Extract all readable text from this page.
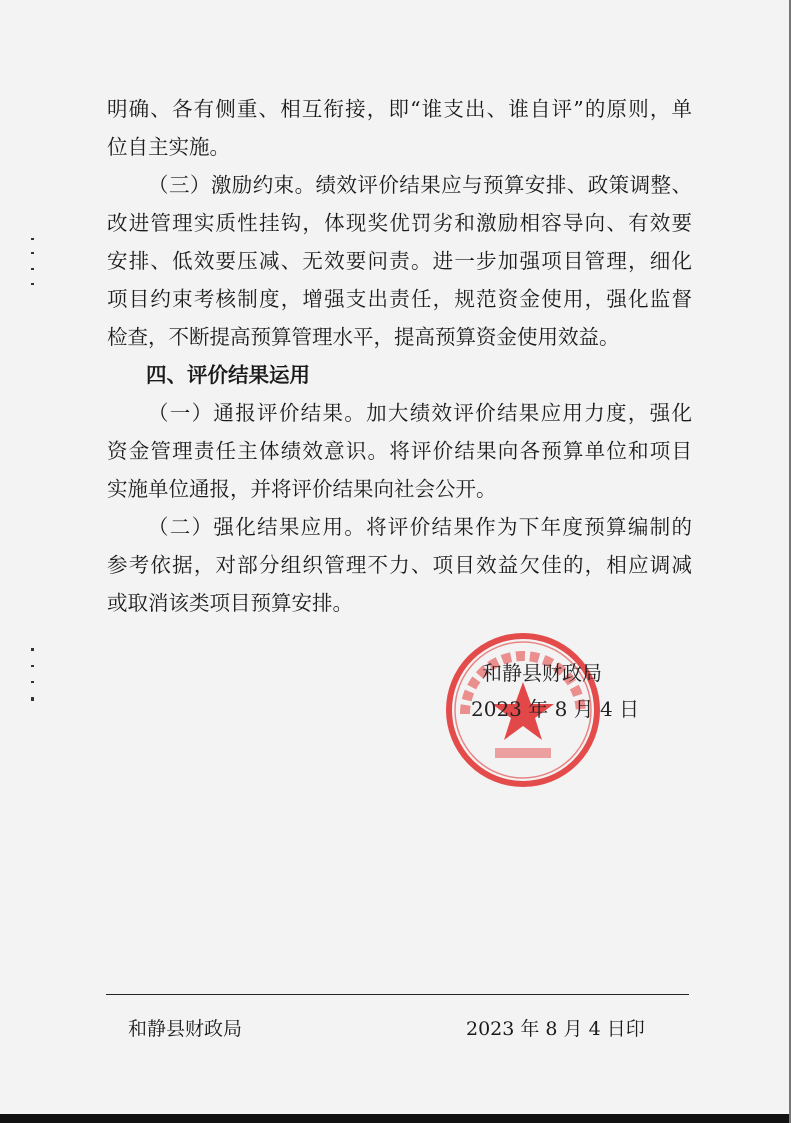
明确、各有侧重、相互衔接，即“谁支出、谁自评”的原则，单
位自主实施。
（三）激励约束。绩效评价结果应与预算安排、政策调整、
改进管理实质性挂钩，体现奖优罚劣和激励相容导向、有效要
安排、低效要压减、无效要问责。进一步加强项目管理，细化
项目约束考核制度，增强支出责任，规范资金使用，强化监督
检查，不断提高预算管理水平，提高预算资金使用效益。
四、评价结果运用
（一）通报评价结果。加大绩效评价结果应用力度，强化
资金管理责任主体绩效意识。将评价结果向各预算单位和项目
实施单位通报，并将评价结果向社会公开。
（二）强化结果应用。将评价结果作为下年度预算编制的
参考依据，对部分组织管理不力、项目效益欠佳的，相应调减
或取消该类项目预算安排。
和静县财政局
2023 年 8 月 4 日
和静县财政局	2023 年 8 月 4 日印
